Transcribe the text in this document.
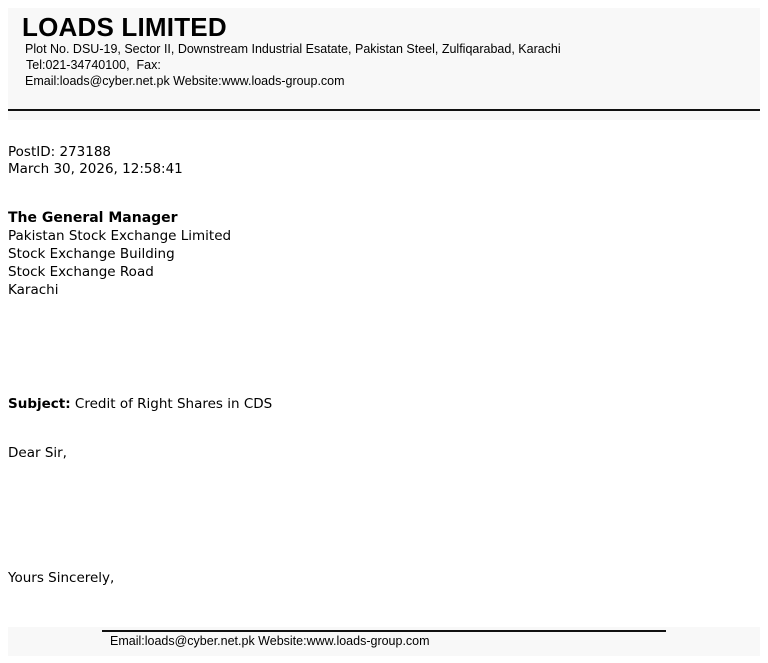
LOADS LIMITED
Plot No. DSU-19, Sector II, Downstream Industrial Esatate, Pakistan Steel, Zulfiqarabad, Karachi
Tel:021-34740100,  Fax:
Email:loads@cyber.net.pk Website:www.loads-group.com
PostID: 273188
March 30, 2026, 12:58:41
The General Manager
Pakistan Stock Exchange Limited
Stock Exchange Building
Stock Exchange Road
Karachi
Subject: Credit of Right Shares in CDS
Dear Sir,
Yours Sincerely,
Email:loads@cyber.net.pk Website:www.loads-group.com
